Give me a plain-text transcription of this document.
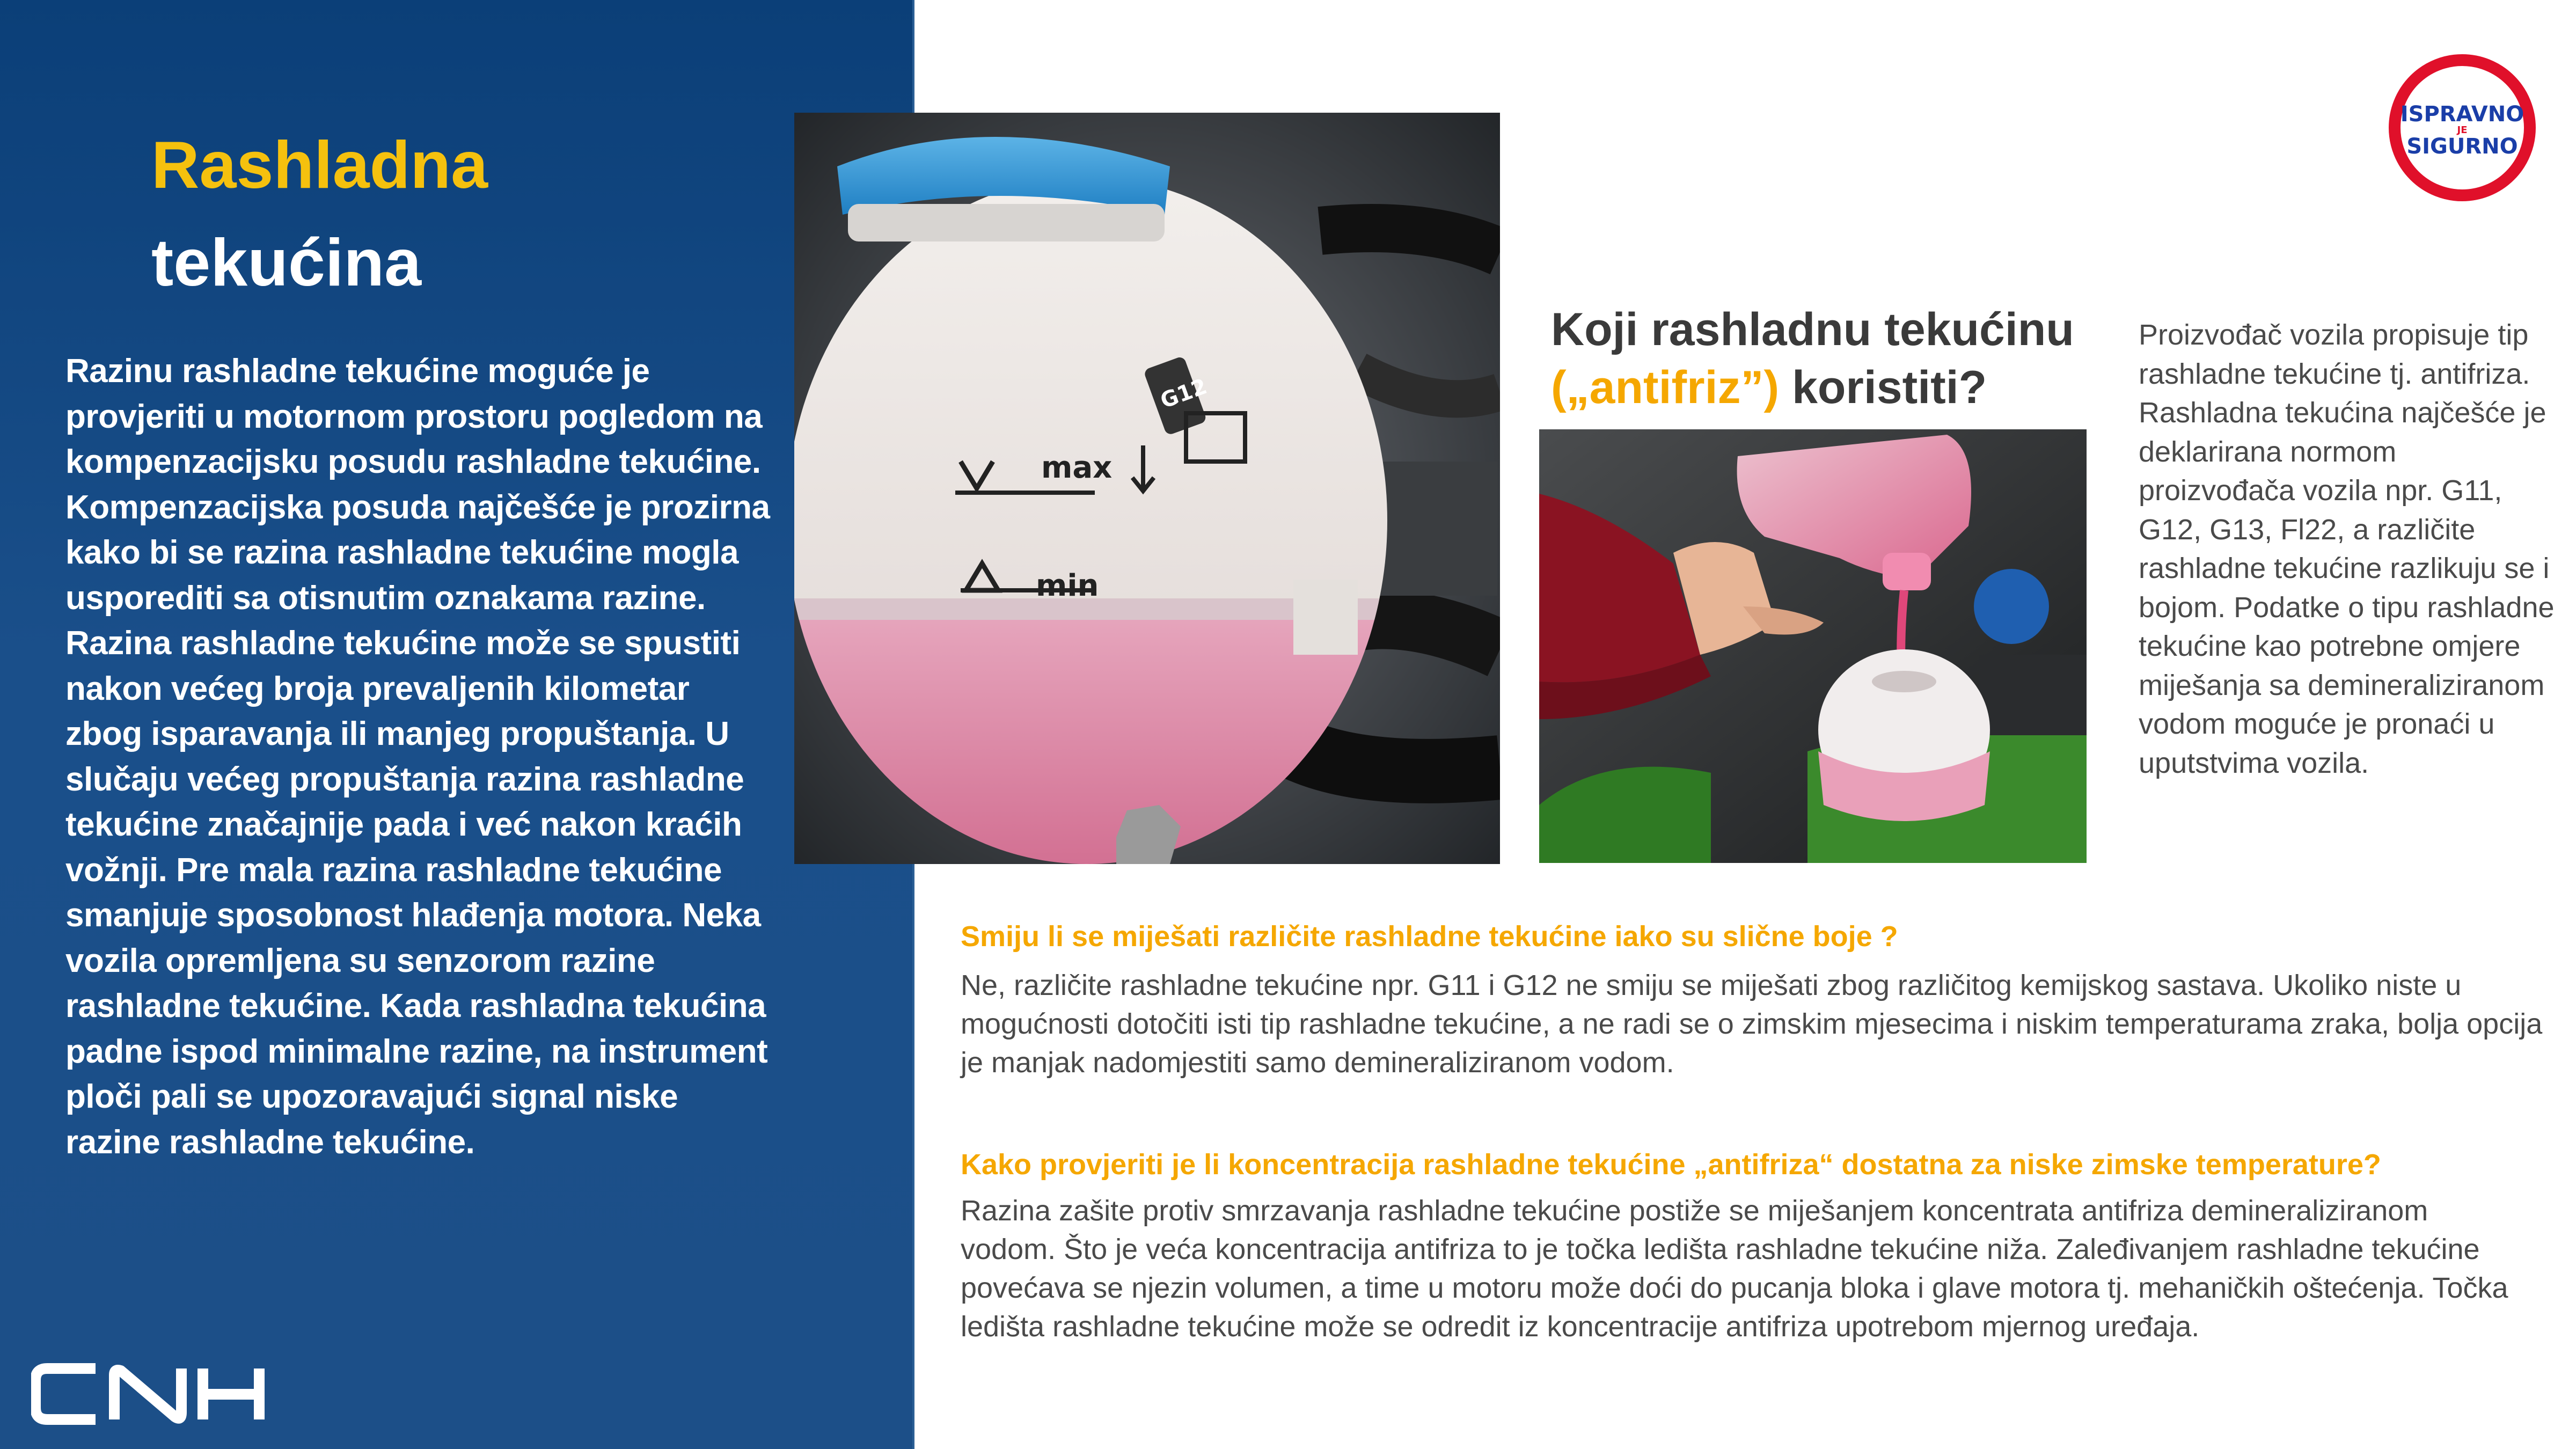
Rashladna
tekućina
Razinu rashladne tekućine moguće je provjeriti u motornom prostoru pogledom na kompenzacijsku posudu rashladne tekućine. Kompenzacijska posuda najčešće je prozirna kako bi se razina rashladne tekućine mogla usporediti sa otisnutim oznakama razine. Razina rashladne tekućine može se spustiti nakon većeg broja prevaljenih kilometar zbog isparavanja ili manjeg propuštanja. U slučaju većeg propuštanja razina rashladne tekućine značajnije pada i već nakon kraćih vožnji. Pre mala razina rashladne tekućine smanjuje sposobnost hlađenja motora. Neka vozila opremljena su senzorom razine rashladne tekućine. Kada rashladna tekućina padne ispod minimalne razine, na instrument ploči pali se upozoravajući signal niske razine rashladne tekućine.
max
min
G12
Koji rashladnu tekućinu
(„antifriz”) koristiti?
Proizvođač vozila propisuje tip rashladne tekućine tj. antifriza. Rashladna tekućina najčešće je deklarirana normom proizvođača vozila npr. G11, G12, G13, Fl22, a različite rashladne tekućine razlikuju se i bojom. Podatke o tipu rashladne tekućine kao potrebne omjere miješanja sa demineraliziranom vodom moguće je pronaći u uputstvima vozila.
Smiju li se miješati različite rashladne tekućine iako su slične boje ?
Ne, različite rashladne tekućine npr. G11 i G12 ne smiju se miješati zbog različitog kemijskog sastava. Ukoliko niste u mogućnosti dotočiti isti tip rashladne tekućine, a ne radi se o zimskim mjesecima i niskim temperaturama zraka, bolja opcija je manjak nadomjestiti samo demineraliziranom vodom.
Kako provjeriti je li koncentracija rashladne tekućine „antifriza“ dostatna za niske zimske temperature?
Razina zašite protiv smrzavanja rashladne tekućine postiže se miješanjem koncentrata antifriza demineraliziranom vodom. Što je veća koncentracija antifriza to je točka ledišta rashladne tekućine niža. Zaleđivanjem rashladne tekućine povećava se njezin volumen, a time u motoru može doći do pucanja bloka i glave motora tj. mehaničkih oštećenja. Točka ledišta rashladne tekućine može se odredit iz koncentracije antifriza upotrebom mjernog uređaja.
ISPRAVNO
JE
SIGURNO
